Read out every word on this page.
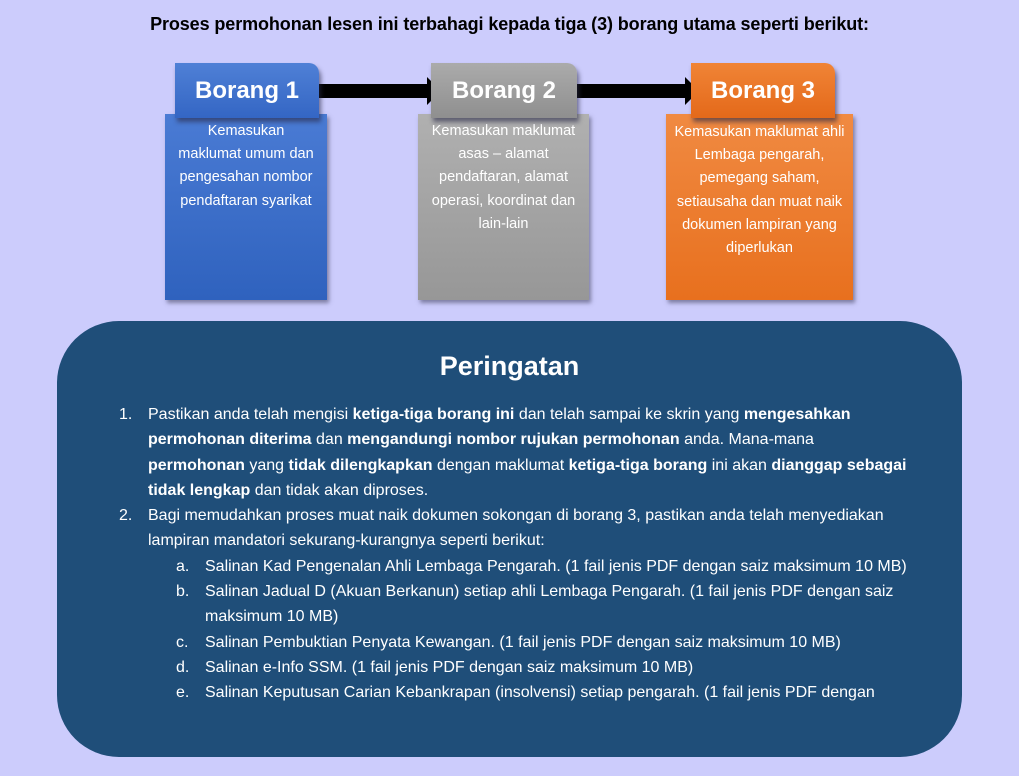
Proses permohonan lesen ini terbahagi kepada tiga (3) borang utama seperti berikut:
Kemasukan maklumat umum dan pengesahan nombor pendaftaran syarikat
Kemasukan maklumat asas – alamat pendaftaran, alamat operasi, koordinat dan lain-lain
Kemasukan maklumat ahli Lembaga pengarah, pemegang saham, setiausaha dan muat naik dokumen lampiran yang diperlukan
Borang 1	Borang 2	Borang 3
Peringatan
1. Pastikan anda telah mengisi ketiga-tiga borang ini dan telah sampai ke skrin yang mengesahkan permohonan diterima dan mengandungi nombor rujukan permohonan anda. Mana-mana permohonan yang tidak dilengkapkan dengan maklumat ketiga-tiga borang ini akan dianggap sebagai tidak lengkap dan tidak akan diproses.
2. Bagi memudahkan proses muat naik dokumen sokongan di borang 3, pastikan anda telah menyediakan lampiran mandatori sekurang-kurangnya seperti berikut:
a. Salinan Kad Pengenalan Ahli Lembaga Pengarah. (1 fail jenis PDF dengan saiz maksimum 10 MB)
b. Salinan Jadual D (Akuan Berkanun) setiap ahli Lembaga Pengarah. (1 fail jenis PDF dengan saiz maksimum 10 MB)
c. Salinan Pembuktian Penyata Kewangan. (1 fail jenis PDF dengan saiz maksimum 10 MB)
d. Salinan e-Info SSM. (1 fail jenis PDF dengan saiz maksimum 10 MB)
e. Salinan Keputusan Carian Kebankrapan (insolvensi) setiap pengarah. (1 fail jenis PDF dengan
